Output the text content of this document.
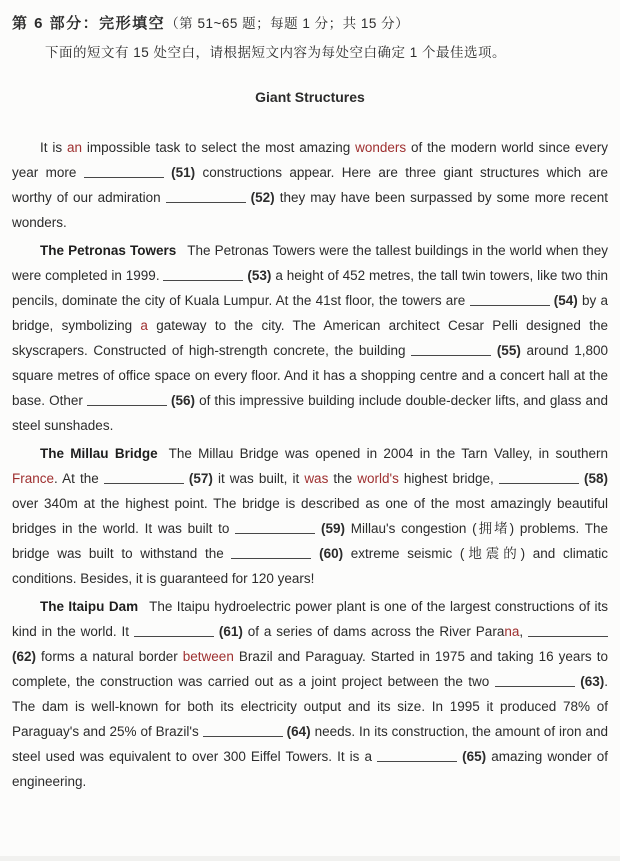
第 6 部分：完形填空（第 51~65 题；每题 1 分；共 15 分）
下面的短文有 15 处空白，请根据短文内容为每处空白确定 1 个最佳选项。
Giant Structures

It is an impossible task to select the most amazing wonders of the modern world since every year more	(51) constructions appear. Here are three giant structures which are worthy of our admiration	(52) they may have been surpassed by some more recent wonders.

The Petronas Towers The Petronas Towers were the tallest buildings in the world when they were completed in 1999.	(53) a height of 452 metres, the tall twin towers, like two thin pencils, dominate the city of Kuala Lumpur. At the 41st floor, the towers are	(54) by a bridge, symbolizing a gateway to the city. The American architect Cesar Pelli designed the skyscrapers. Constructed of high-strength concrete, the building	(55) around 1,800 square metres of office space on every floor. And it has a shopping centre and a concert hall at the base. Other	(56) of this impressive building include double-decker lifts, and glass and steel sunshades.

The Millau Bridge The Millau Bridge was opened in 2004 in the Tarn Valley, in southern France. At the	(57) it was built, it was the world's highest bridge,	(58) over 340m at the highest point. The bridge is described as one of the most amazingly beautiful bridges in the world. It was built to	(59) Millau's congestion (拥堵) problems. The bridge was built to withstand the	(60) extreme seismic (地震的) and climatic conditions. Besides, it is guaranteed for 120 years!

The Itaipu Dam The Itaipu hydroelectric power plant is one of the largest constructions of its kind in the world. It	(61) of a series of dams across the River Parana,  (62) forms a natural border between Brazil and Paraguay. Started in 1975 and taking 16 years to complete, the construction was carried out as a joint project between the two	(63). The dam is well-known for both its electricity output and its size. In 1995 it produced 78% of Paraguay's and 25% of Brazil's	(64) needs. In its construction, the amount of iron and steel used was equivalent to over 300 Eiffel Towers. It is a	(65) amazing wonder of engineering.
